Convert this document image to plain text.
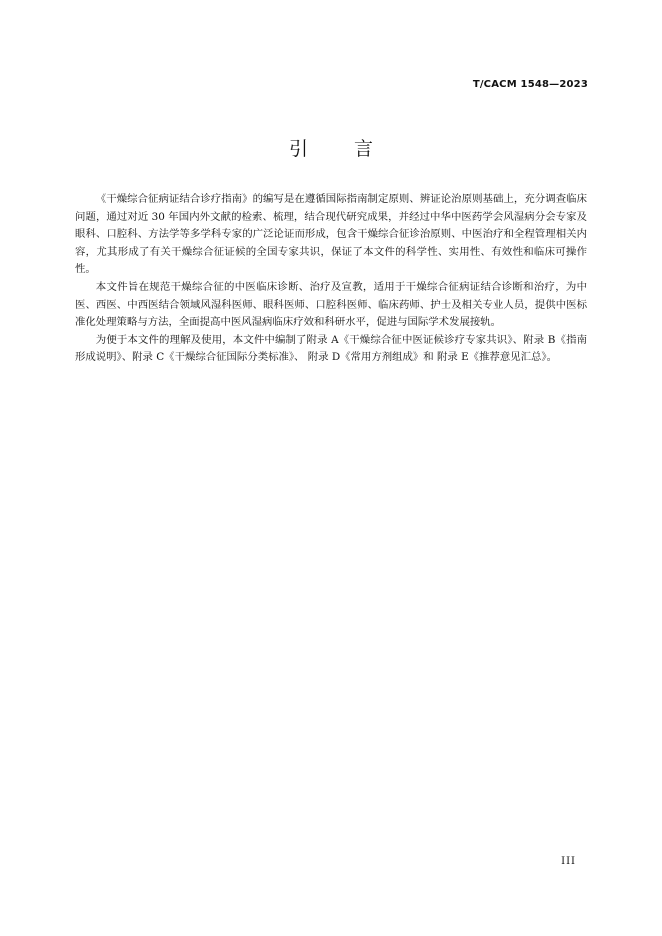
T/CACM 1548—2023
引 言

《干燥综合征病证结合诊疗指南》的编写是在遵循国际指南制定原则、辨证论治原则基础上，充分调查临床问题，通过对近 30 年国内外文献的检索、梳理，结合现代研究成果，并经过中华中医药学会风湿病分会专家及眼科、口腔科、方法学等多学科专家的广泛论证而形成，包含干燥综合征诊治原则、中医治疗和全程管理相关内容，尤其形成了有关干燥综合征证候的全国专家共识，保证了本文件的科学性、实用性、有效性和临床可操作性。

本文件旨在规范干燥综合征的中医临床诊断、治疗及宣教，适用于干燥综合征病证结合诊断和治疗，为中医、西医、中西医结合领域风湿科医师、眼科医师、口腔科医师、临床药师、护士及相关专业人员，提供中医标准化处理策略与方法，全面提高中医风湿病临床疗效和科研水平，促进与国际学术发展接轨。

为便于本文件的理解及使用，本文件中编制了附录 A《干燥综合征中医证候诊疗专家共识》、附录 B《指南形成说明》、附录 C《干燥综合征国际分类标准》、 附录 D《常用方剂组成》和 附录 E《推荐意见汇总》。

III
